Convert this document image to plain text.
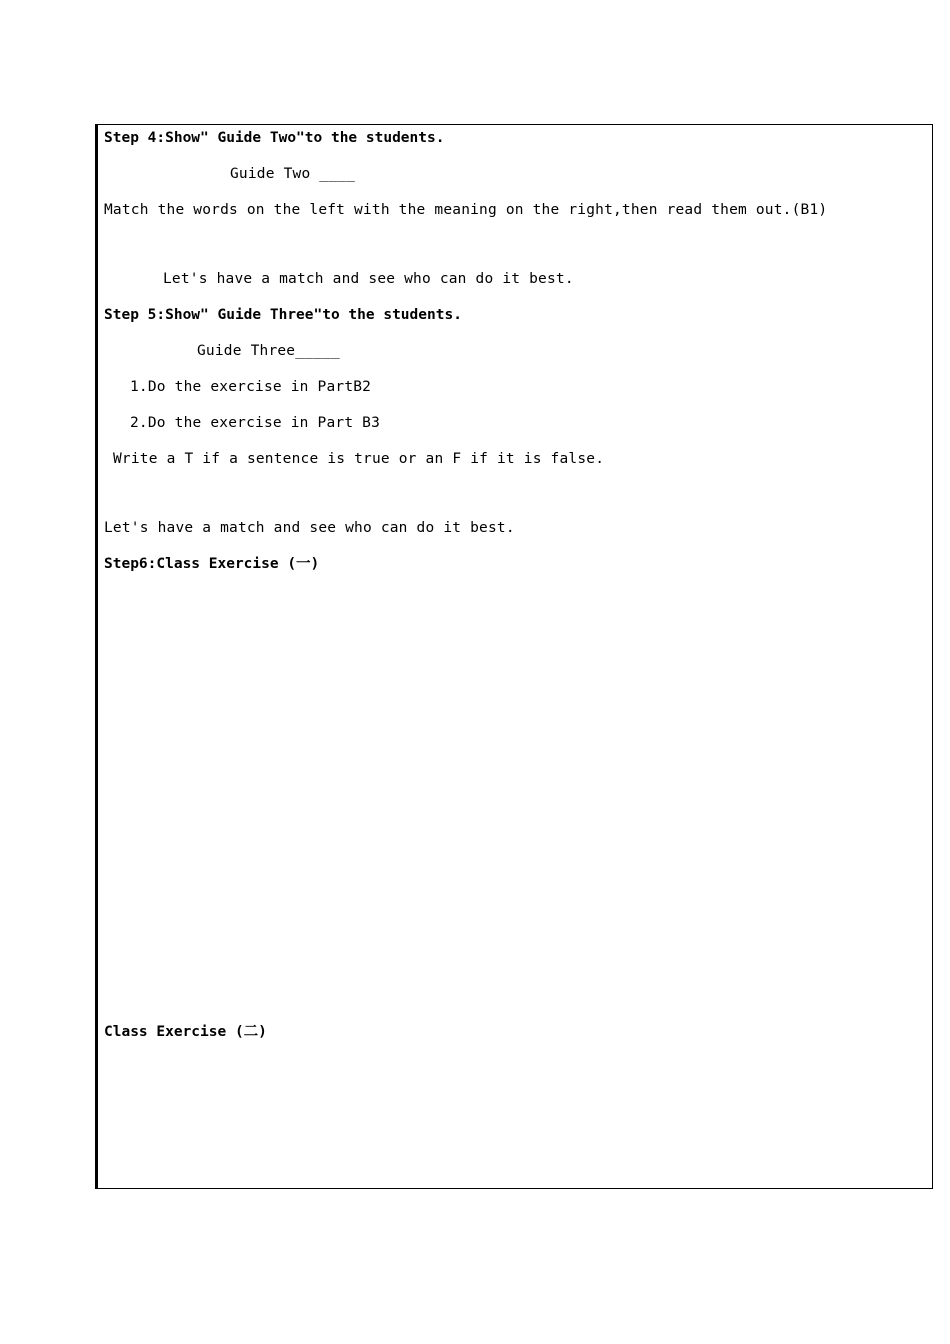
Step 4:Show" Guide Two"to the students.
Guide Two ____
Match the words on the left with the meaning on the right,then read them out.(B1)
Let's have a match and see who can do it best.
Step 5:Show" Guide Three"to the students.
Guide Three_____
1.Do the exercise in PartB2
2.Do the exercise in Part B3
Write a T if a sentence is true or an F if it is false.
Let's have a match and see who can do it best.
Step6:Class Exercise (一)
Class Exercise (二)
